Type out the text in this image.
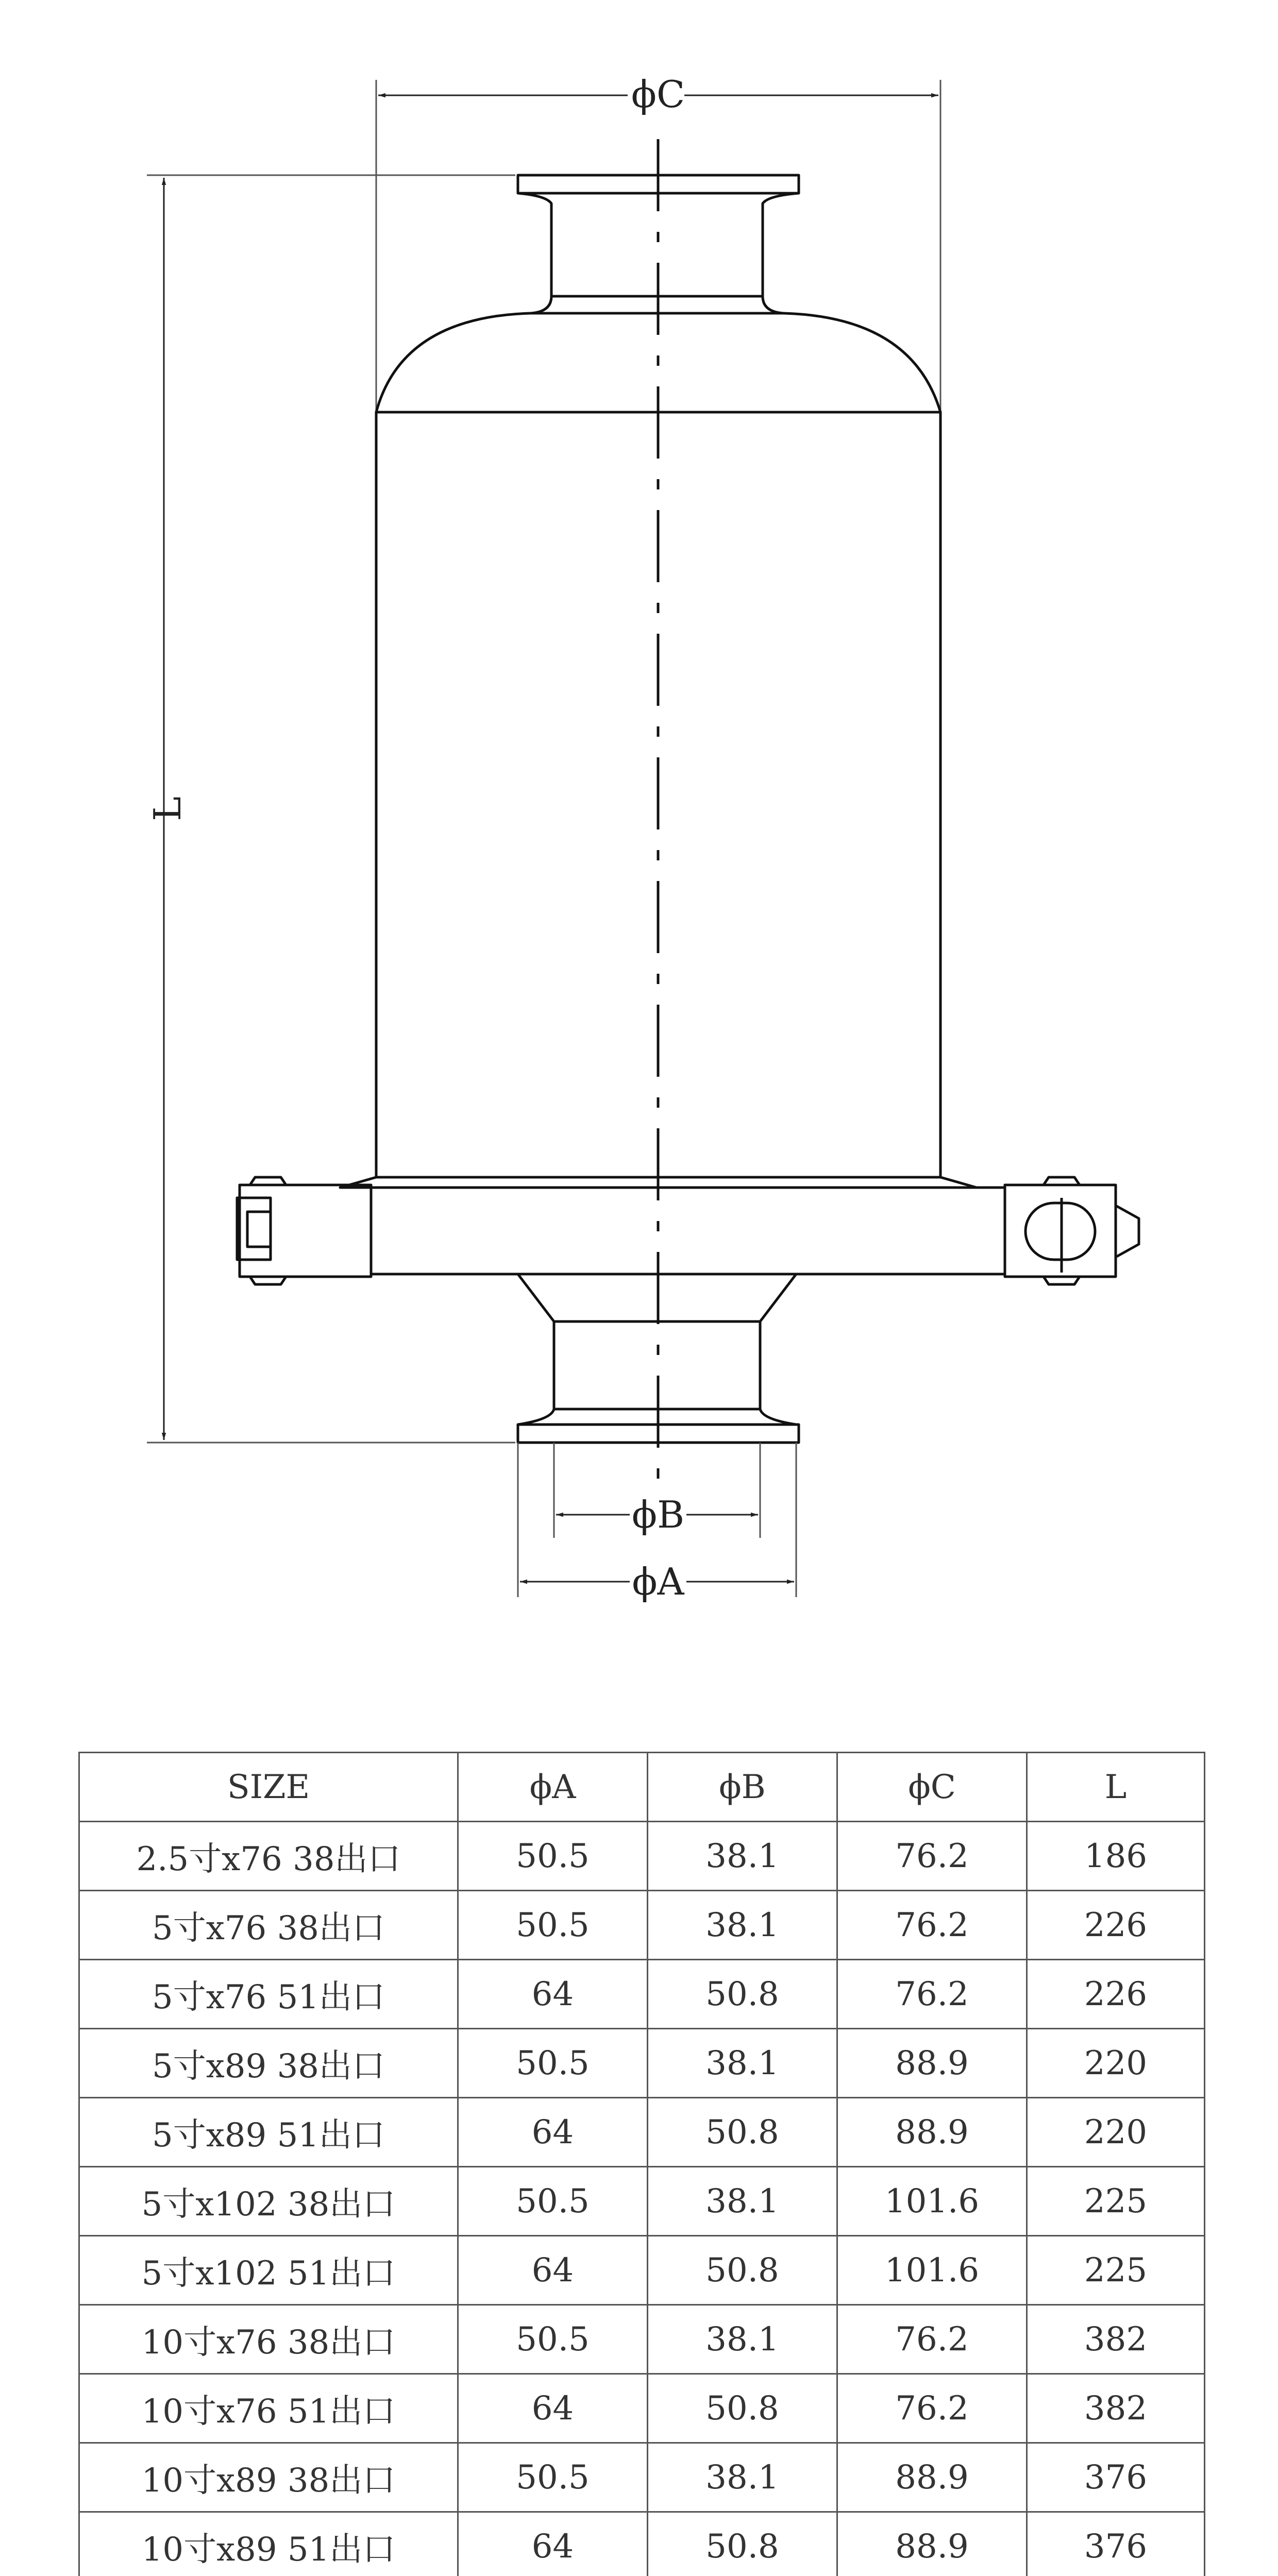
ϕC
L
ϕB
ϕA
SIZE	ϕA	ϕB	ϕC	L
2.5寸x76 38出口	50.5	38.1	76.2	186
5寸x76 38出口	50.5	38.1	76.2	226
5寸x76 51出口	64	50.8	76.2	226
5寸x89 38出口	50.5	38.1	88.9	220
5寸x89 51出口	64	50.8	88.9	220
5寸x102 38出口	50.5	38.1	101.6	225
5寸x102 51出口	64	50.8	101.6	225
10寸x76 38出口	50.5	38.1	76.2	382
10寸x76 51出口	64	50.8	76.2	382
10寸x89 38出口	50.5	38.1	88.9	376
10寸x89 51出口	64	50.8	88.9	376
